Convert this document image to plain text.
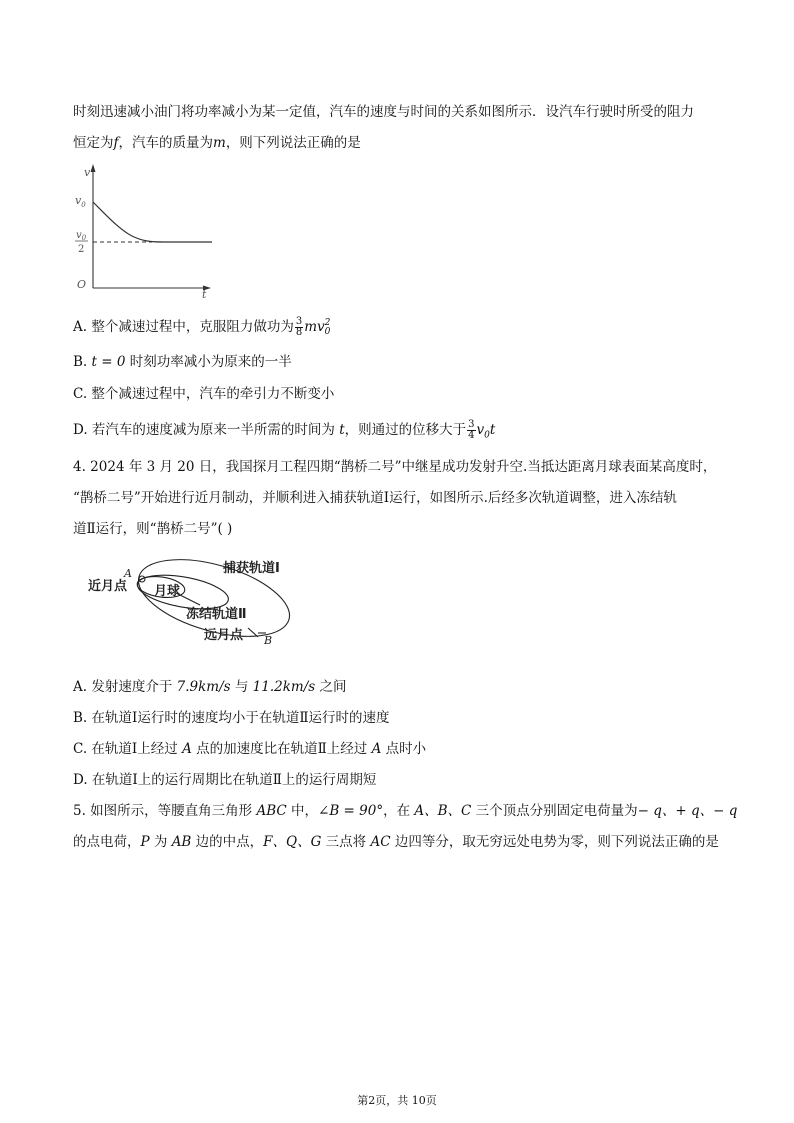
时刻迅速减小油门将功率减小为某一定值，汽车的速度与时间的关系如图所示．设汽车行驶时所受的阻力
恒定为f，汽车的质量为m，则下列说法正确的是
v
$v_0$
$v_0$
2
O
t
A. 整个减速过程中，克服阻力做功为 $\frac{3}{8}$ mv 2
0
B. t = 0 时刻功率减小为原来的一半
C. 整个减速过程中，汽车的牵引力不断变小
D. 若汽车的速度减为原来一半所需的时间为 t，则通过的位移大于 $\frac{3}{4} v_0t$
4. 2024 年 3 月 20 日，我国探月工程四期“鹊桥二号”中继星成功发射升空.当抵达距离月球表面某高度时，
“鹊桥二号”开始进行近月制动，并顺利进入捕获轨道Ⅰ运行，如图所示.后经多次轨道调整，进入冻结轨
道Ⅱ运行，则“鹊桥二号”( )
A
B
近月点 月球
捕获轨道Ⅰ
冻结轨道Ⅱ
远月点
A. 发射速度介于 7.9km/s 与 11.2km/s 之间
B. 在轨道Ⅰ运行时的速度均小于在轨道Ⅱ运行时的速度
C. 在轨道Ⅰ上经过 A 点的加速度比在轨道Ⅱ上经过 A 点时小
D. 在轨道Ⅰ上的运行周期比在轨道Ⅱ上的运行周期短
5. 如图所示，等腰直角三角形 ABC 中，∠B = 90°，在 A、B、C 三个顶点分别固定电荷量为− q、+ q、− q
的点电荷，P 为 AB 边的中点，F、Q、G 三点将 AC 边四等分，取无穷远处电势为零，则下列说法正确的是
第2页，共 10页
